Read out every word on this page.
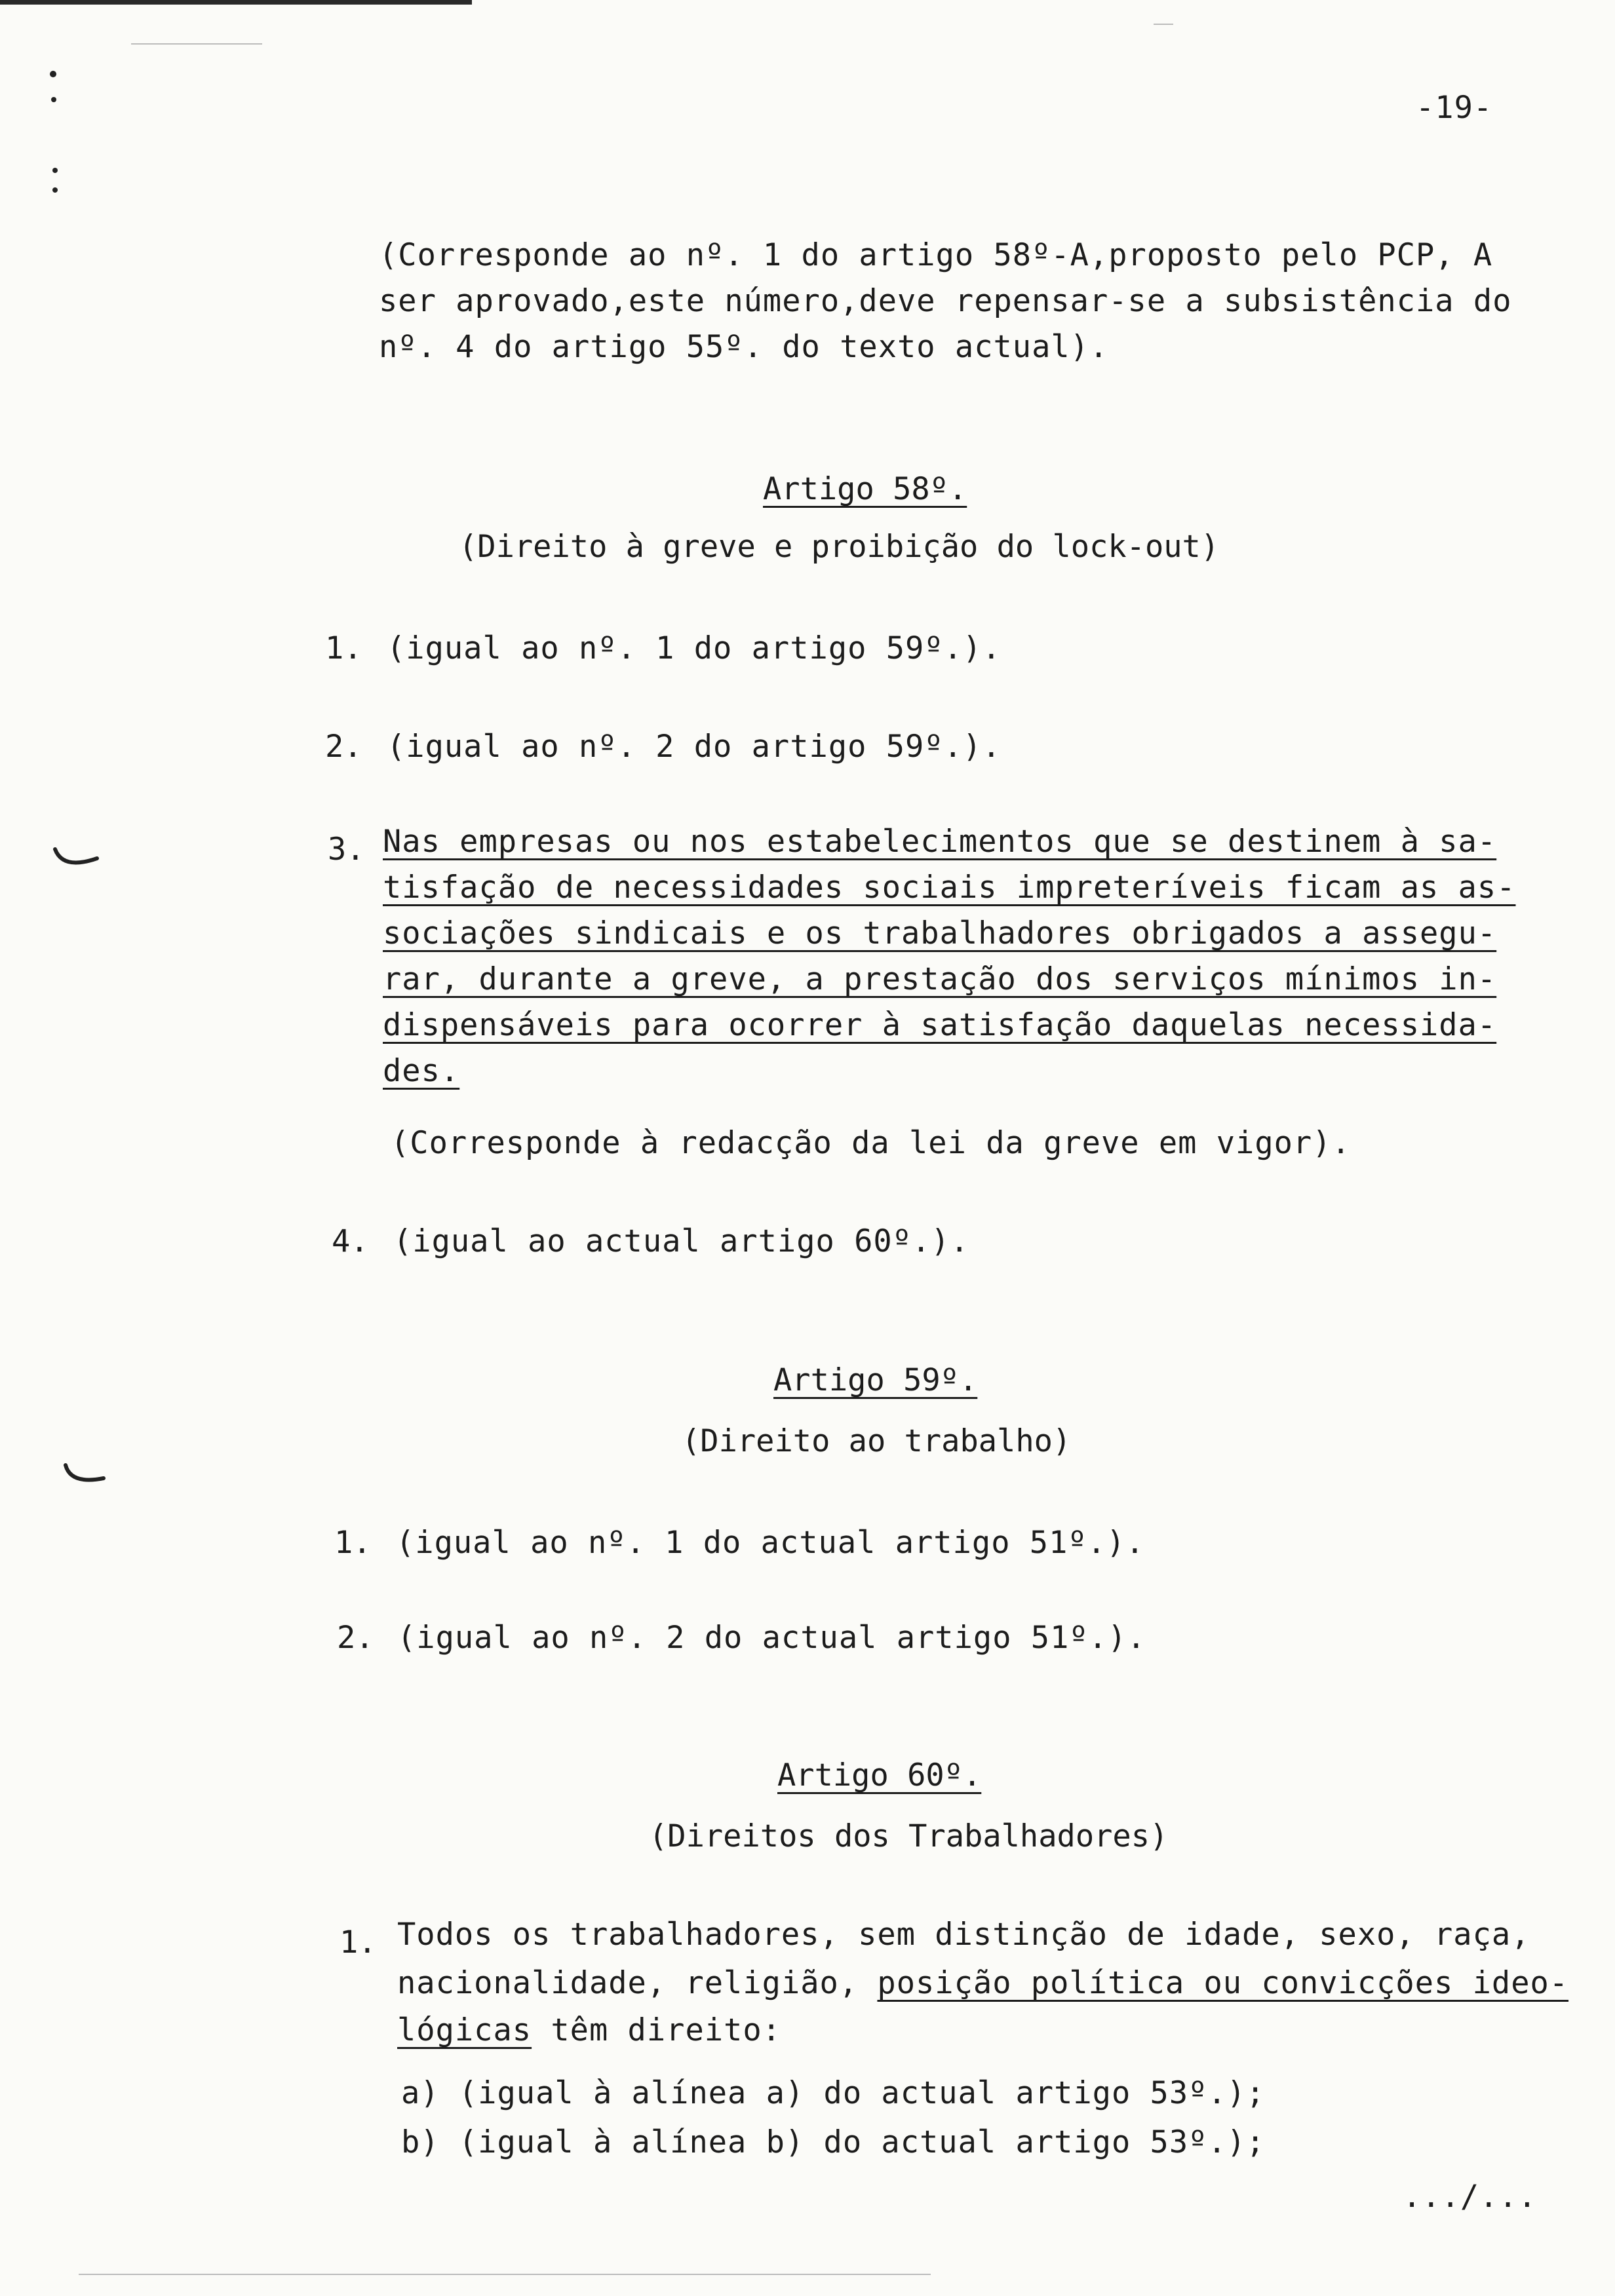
-19-
(Corresponde ao nº. 1 do artigo 58º-A,proposto pelo PCP, A
ser aprovado,este número,deve repensar-se a subsistência do
nº. 4 do artigo 55º. do texto actual).
Artigo 58º.
(Direito à greve e proibição do lock-out)
1. (igual ao nº. 1 do artigo 59º.).
2. (igual ao nº. 2 do artigo 59º.).
3. Nas empresas ou nos estabelecimentos que se destinem à sa-
tisfação de necessidades sociais impreteríveis ficam as as-
sociações sindicais e os trabalhadores obrigados a assegu-
rar, durante a greve, a prestação dos serviços mínimos in-
dispensáveis para ocorrer à satisfação daquelas necessida-
des.
(Corresponde à redacção da lei da greve em vigor).
4. (igual ao actual artigo 60º.).
Artigo 59º.
(Direito ao trabalho)
1. (igual ao nº. 1 do actual artigo 51º.).
2. (igual ao nº. 2 do actual artigo 51º.).
Artigo 60º.
(Direitos dos Trabalhadores)
1. Todos os trabalhadores, sem distinção de idade, sexo, raça,
nacionalidade, religião, posição política ou convicções ideo-
lógicas têm direito:
a) (igual à alínea a) do actual artigo 53º.);
b) (igual à alínea b) do actual artigo 53º.);
.../...
